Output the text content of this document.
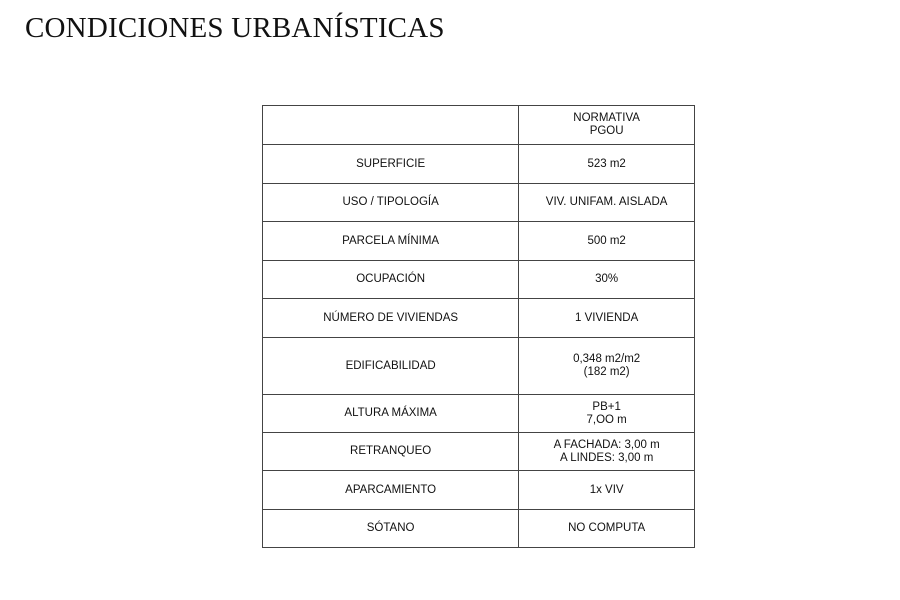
CONDICIONES URBANÍSTICAS

	NORMATIVA
PGOU

SUPERFICIE	523 m2

USO / TIPOLOGÍA	VIV. UNIFAM. AISLADA

PARCELA MÍNIMA	500 m2

OCUPACIÓN	30%

NÚMERO DE VIVIENDAS	1 VIVIENDA

EDIFICABILIDAD	0,348 m2/m2
(182 m2)

ALTURA MÁXIMA	PB+1
7,OO m

RETRANQUEO	A FACHADA: 3,00 m
A LINDES: 3,00 m

APARCAMIENTO	1x VIV

SÓTANO	NO COMPUTA
